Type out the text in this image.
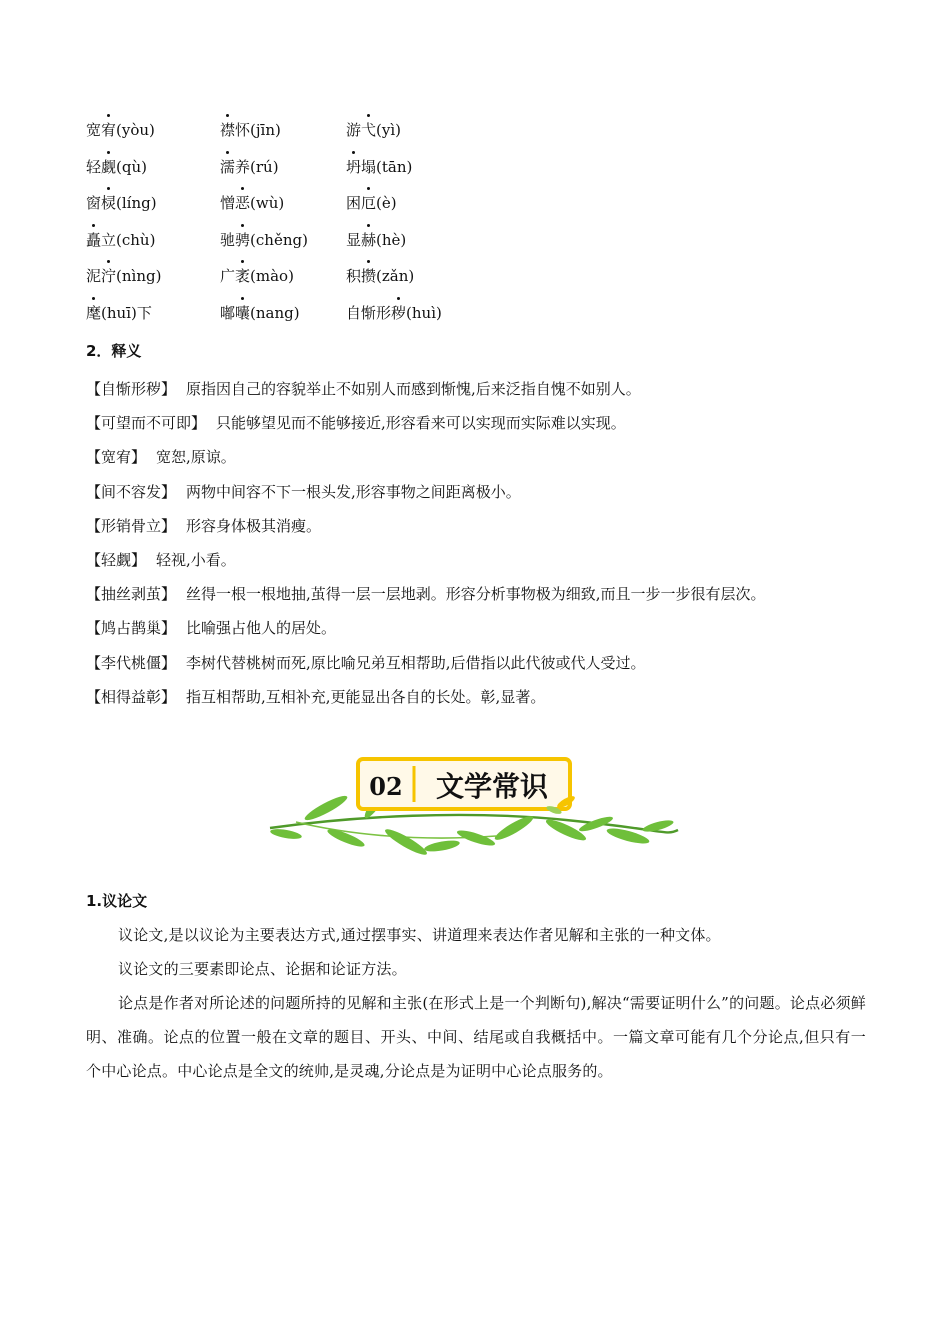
宽宥(yòu)	襟怀(jīn)	游弋(yì)
轻觑(qù)	濡养(rú)	坍塌(tān)
窗棂(líng)	憎恶(wù)	困厄(è)
矗立(chù)	驰骋(chěng)	显赫(hè)
泥泞(nìng)	广袤(mào)	积攒(zǎn)
麾(huī)下	嘟囔(nang)	自惭形秽(huì)
2．释义
【自惭形秽】 原指因自己的容貌举止不如别人而感到惭愧,后来泛指自愧不如别人。
【可望而不可即】 只能够望见而不能够接近,形容看来可以实现而实际难以实现。
【宽宥】 宽恕,原谅。
【间不容发】 两物中间容不下一根头发,形容事物之间距离极小。
【形销骨立】 形容身体极其消瘦。
【轻觑】 轻视,小看。
【抽丝剥茧】 丝得一根一根地抽,茧得一层一层地剥。形容分析事物极为细致,而且一步一步很有层次。
【鸠占鹊巢】 比喻强占他人的居处。
【李代桃僵】 李树代替桃树而死,原比喻兄弟互相帮助,后借指以此代彼或代人受过。
【相得益彰】 指互相帮助,互相补充,更能显出各自的长处。彰,显著。
02 文学常识
1.议论文

议论文,是以议论为主要表达方式,通过摆事实、讲道理来表达作者见解和主张的一种文体。

议论文的三要素即论点、论据和论证方法。

论点是作者对所论述的问题所持的见解和主张(在形式上是一个判断句),解决“需要证明什么”的问题。论点必须鲜明、准确。论点的位置一般在文章的题目、开头、中间、结尾或自我概括中。一篇文章可能有几个分论点,但只有一个中心论点。中心论点是全文的统帅,是灵魂,分论点是为证明中心论点服务的。
